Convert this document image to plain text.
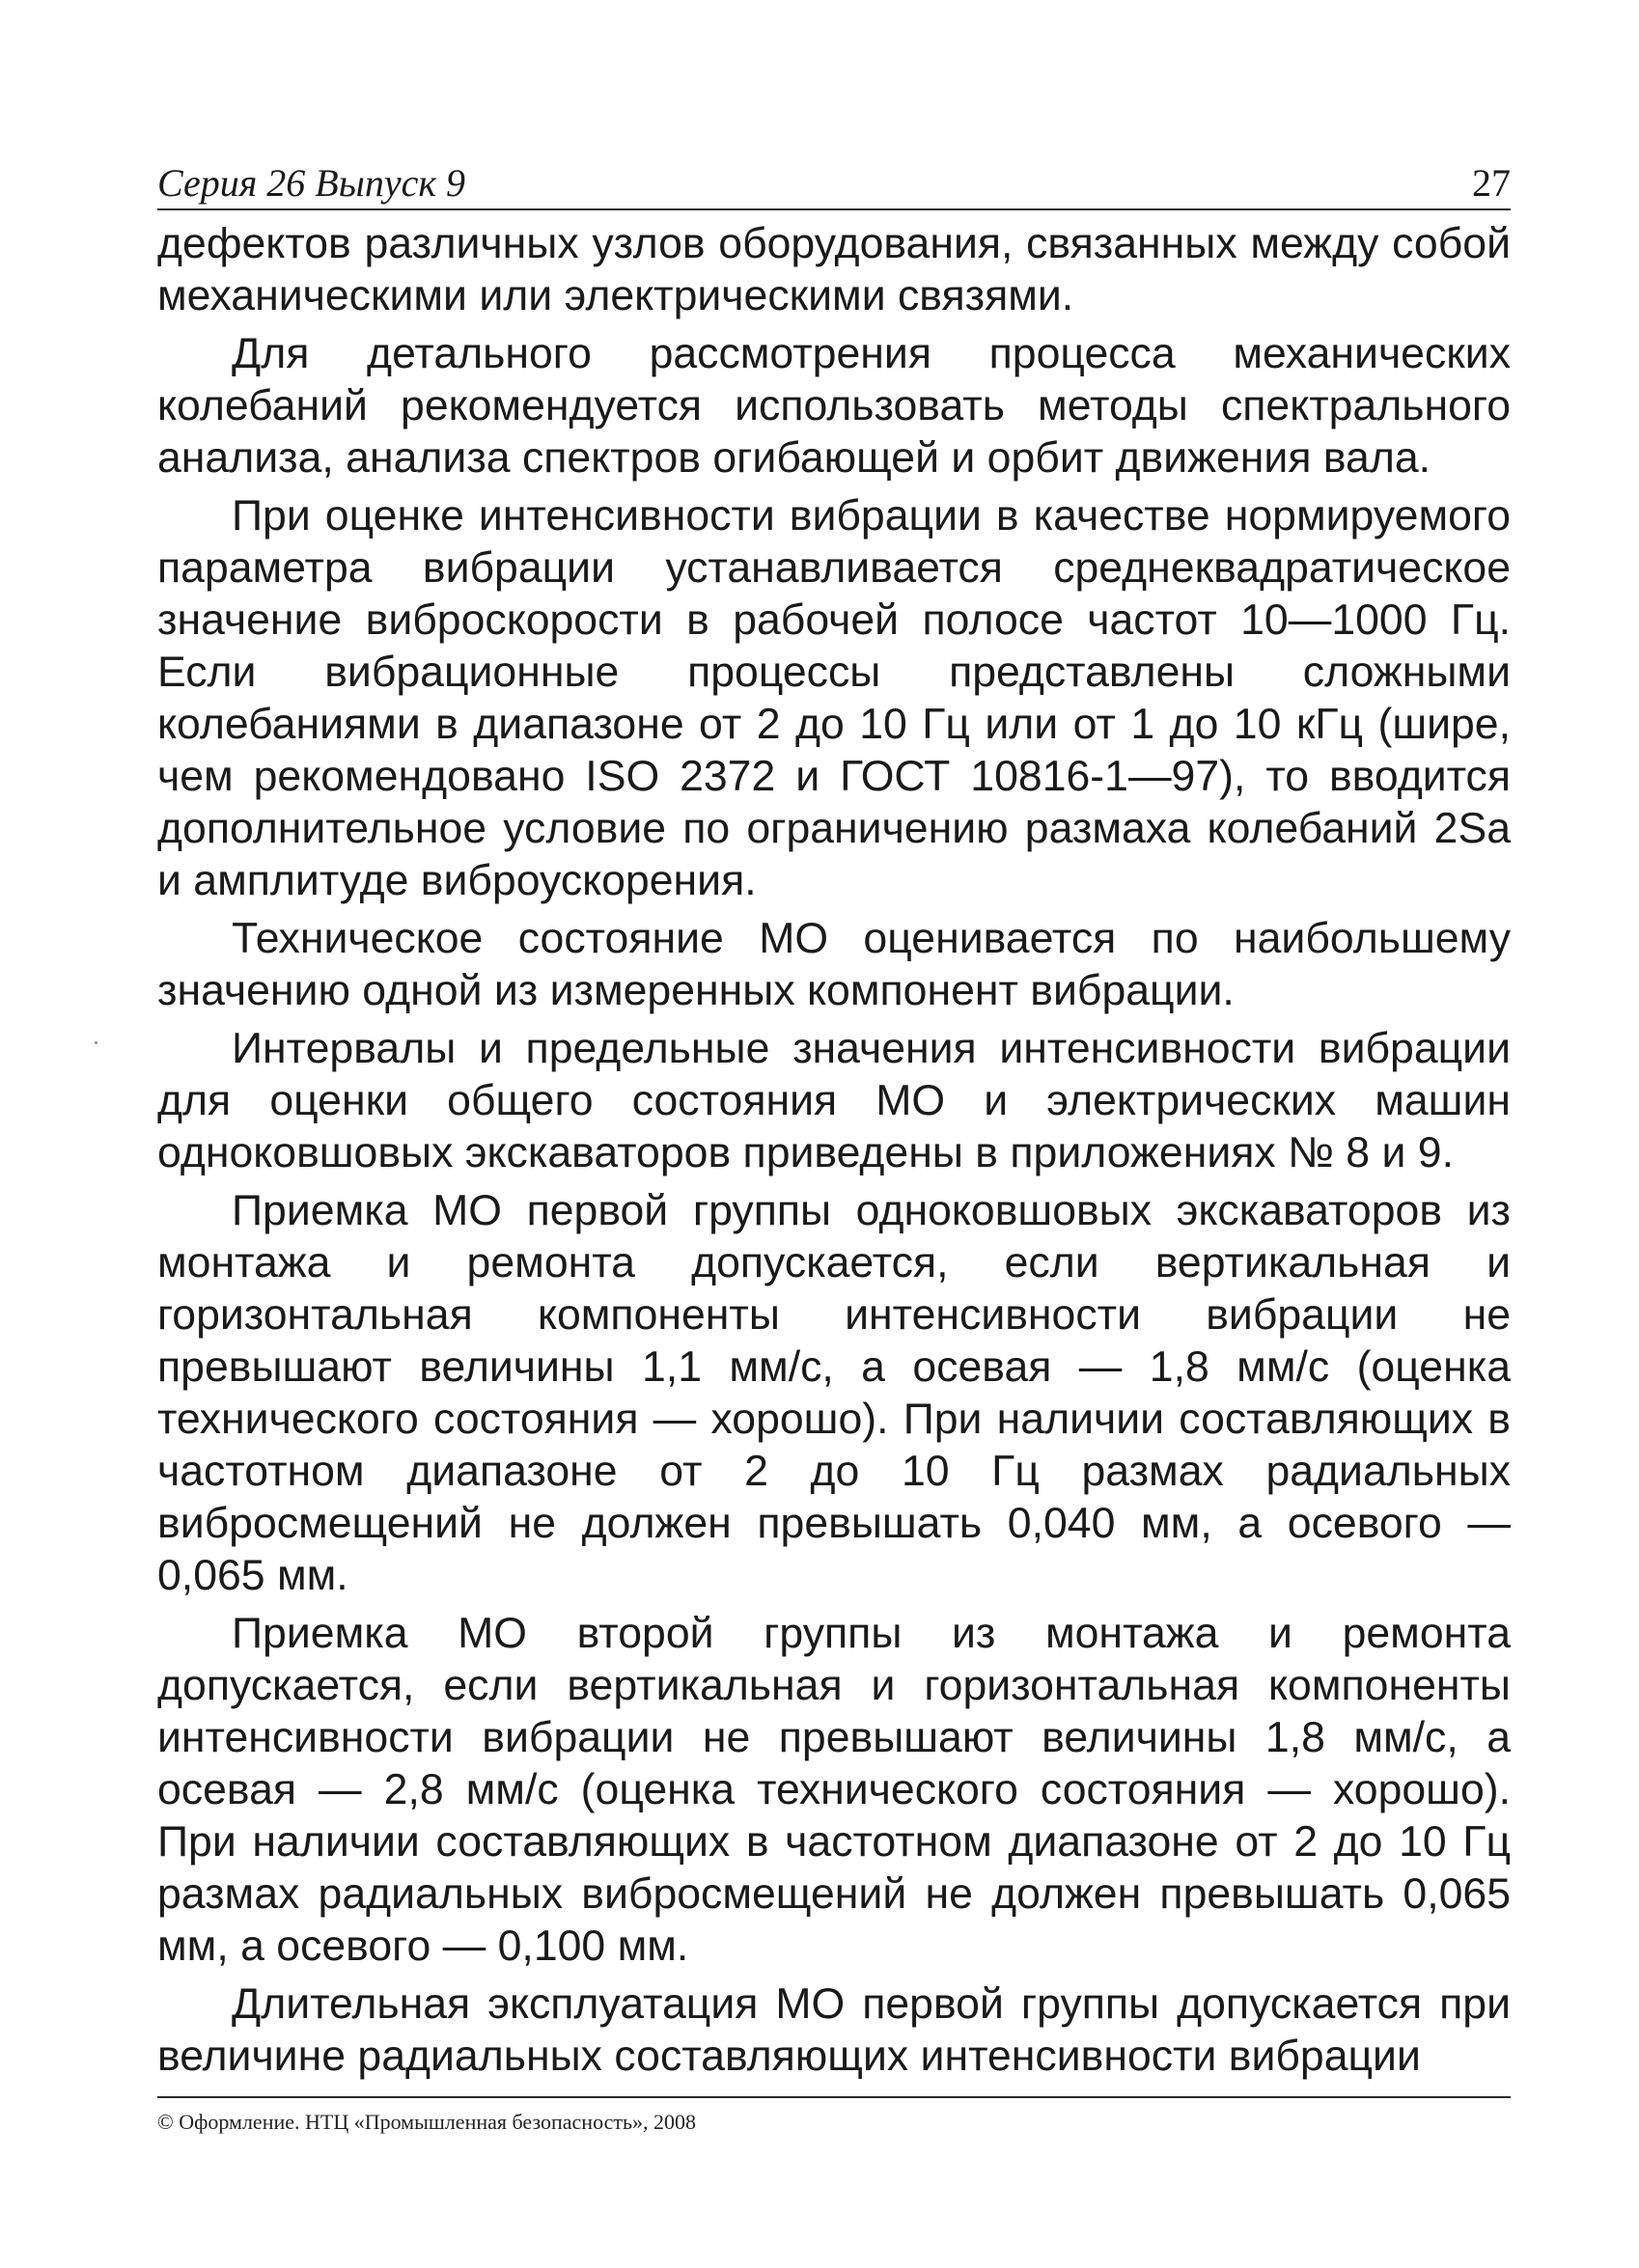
Серия 26 Выпуск 9	27

дефектов различных узлов оборудования, связанных между собой механическими или электрическими связями.

Для детального рассмотрения процесса механических колебаний рекомендуется использовать методы спектрального анализа, анализа спектров огибающей и орбит движения вала.

При оценке интенсивности вибрации в качестве нормируемого параметра вибрации устанавливается среднеквадратическое значение виброскорости в рабочей полосе частот 10—1000 Гц. Если вибрационные процессы представлены сложными колебаниями в диапазоне от 2 до 10 Гц или от 1 до 10 кГц (шире, чем рекомендовано ISO 2372 и ГОСТ 10816-1—97), то вводится дополнительное условие по ограничению размаха колебаний 2Sа и амплитуде виброускорения.

Техническое состояние МО оценивается по наибольшему значению одной из измеренных компонент вибрации.

Интервалы и предельные значения интенсивности вибрации для оценки общего состояния МО и электрических машин одноковшовых экскаваторов приведены в приложениях № 8 и 9.

Приемка МО первой группы одноковшовых экскаваторов из монтажа и ремонта допускается, если вертикальная и горизонтальная компоненты интенсивности вибрации не превышают величины 1,1 мм/с, а осевая — 1,8 мм/с (оценка технического состояния — хорошо). При наличии составляющих в частотном диапазоне от 2 до 10 Гц размах радиальных вибросмещений не должен превышать 0,040 мм, а осевого — 0,065 мм.

Приемка МО второй группы из монтажа и ремонта допускается, если вертикальная и горизонтальная компоненты интенсивности вибрации не превышают величины 1,8 мм/с, а осевая — 2,8 мм/с (оценка технического состояния — хорошо). При наличии составляющих в частотном диапазоне от 2 до 10 Гц размах радиальных вибросмещений не должен превышать 0,065 мм, а осевого — 0,100 мм.

Длительная эксплуатация МО первой группы допускается при величине радиальных составляющих интенсивности вибрации

© Оформление. НТЦ «Промышленная безопасность», 2008
